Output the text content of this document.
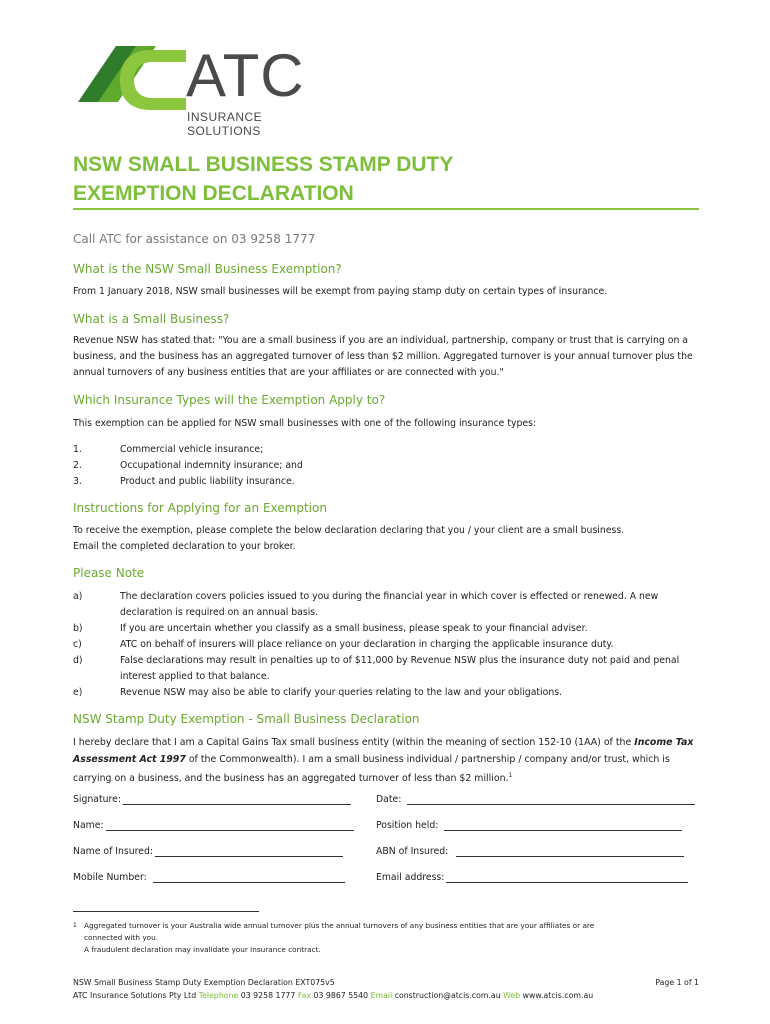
ATC
INSURANCE SOLUTIONS
NSW SMALL BUSINESS STAMP DUTY
EXEMPTION DECLARATION
Call ATC for assistance on 03 9258 1777
What is the NSW Small Business Exemption?
From 1 January 2018, NSW small businesses will be exempt from paying stamp duty on certain types of insurance.
What is a Small Business?
Revenue NSW has stated that: "You are a small business if you are an individual, partnership, company or trust that is carrying on a business, and the business has an aggregated turnover of less than $2 million. Aggregated turnover is your annual turnover plus the annual turnovers of any business entities that are your affiliates or are connected with you."
Which Insurance Types will the Exemption Apply to?
This exemption can be applied for NSW small businesses with one of the following insurance types:
1.	Commercial vehicle insurance;
2.	Occupational indemnity insurance; and
3.	Product and public liability insurance.
Instructions for Applying for an Exemption
To receive the exemption, please complete the below declaration declaring that you / your client are a small business.
Email the completed declaration to your broker.
Please Note
a)	The declaration covers policies issued to you during the financial year in which cover is effected or renewed. A new declaration is required on an annual basis.
b)	If you are uncertain whether you classify as a small business, please speak to your financial adviser.
c)	ATC on behalf of insurers will place reliance on your declaration in charging the applicable insurance duty.
d)	False declarations may result in penalties up to of $11,000 by Revenue NSW plus the insurance duty not paid and penal interest applied to that balance.
e)	Revenue NSW may also be able to clarify your queries relating to the law and your obligations.
NSW Stamp Duty Exemption - Small Business Declaration
I hereby declare that I am a Capital Gains Tax small business entity (within the meaning of section 152-10 (1AA) of the Income Tax Assessment Act 1997 of the Commonwealth). I am a small business individual / partnership / company and/or trust, which is carrying on a business, and the business has an aggregated turnover of less than $2 million.$^1$
Signature:	Date:
Name:	Position held:
Name of Insured:	ABN of Insured:
Mobile Number:	Email address:
1 Aggregated turnover is your Australia wide annual turnover plus the annual turnovers of any business entities that are your affiliates or are
connected with you.
A fraudulent declaration may invalidate your insurance contract.
NSW Small Business Stamp Duty Exemption Declaration EXT075v5
ATC Insurance Solutions Pty Ltd Telephone 03 9258 1777 Fax 03 9867 5540 Email construction@atcis.com.au Web www.atcis.com.au
Page 1 of 1
